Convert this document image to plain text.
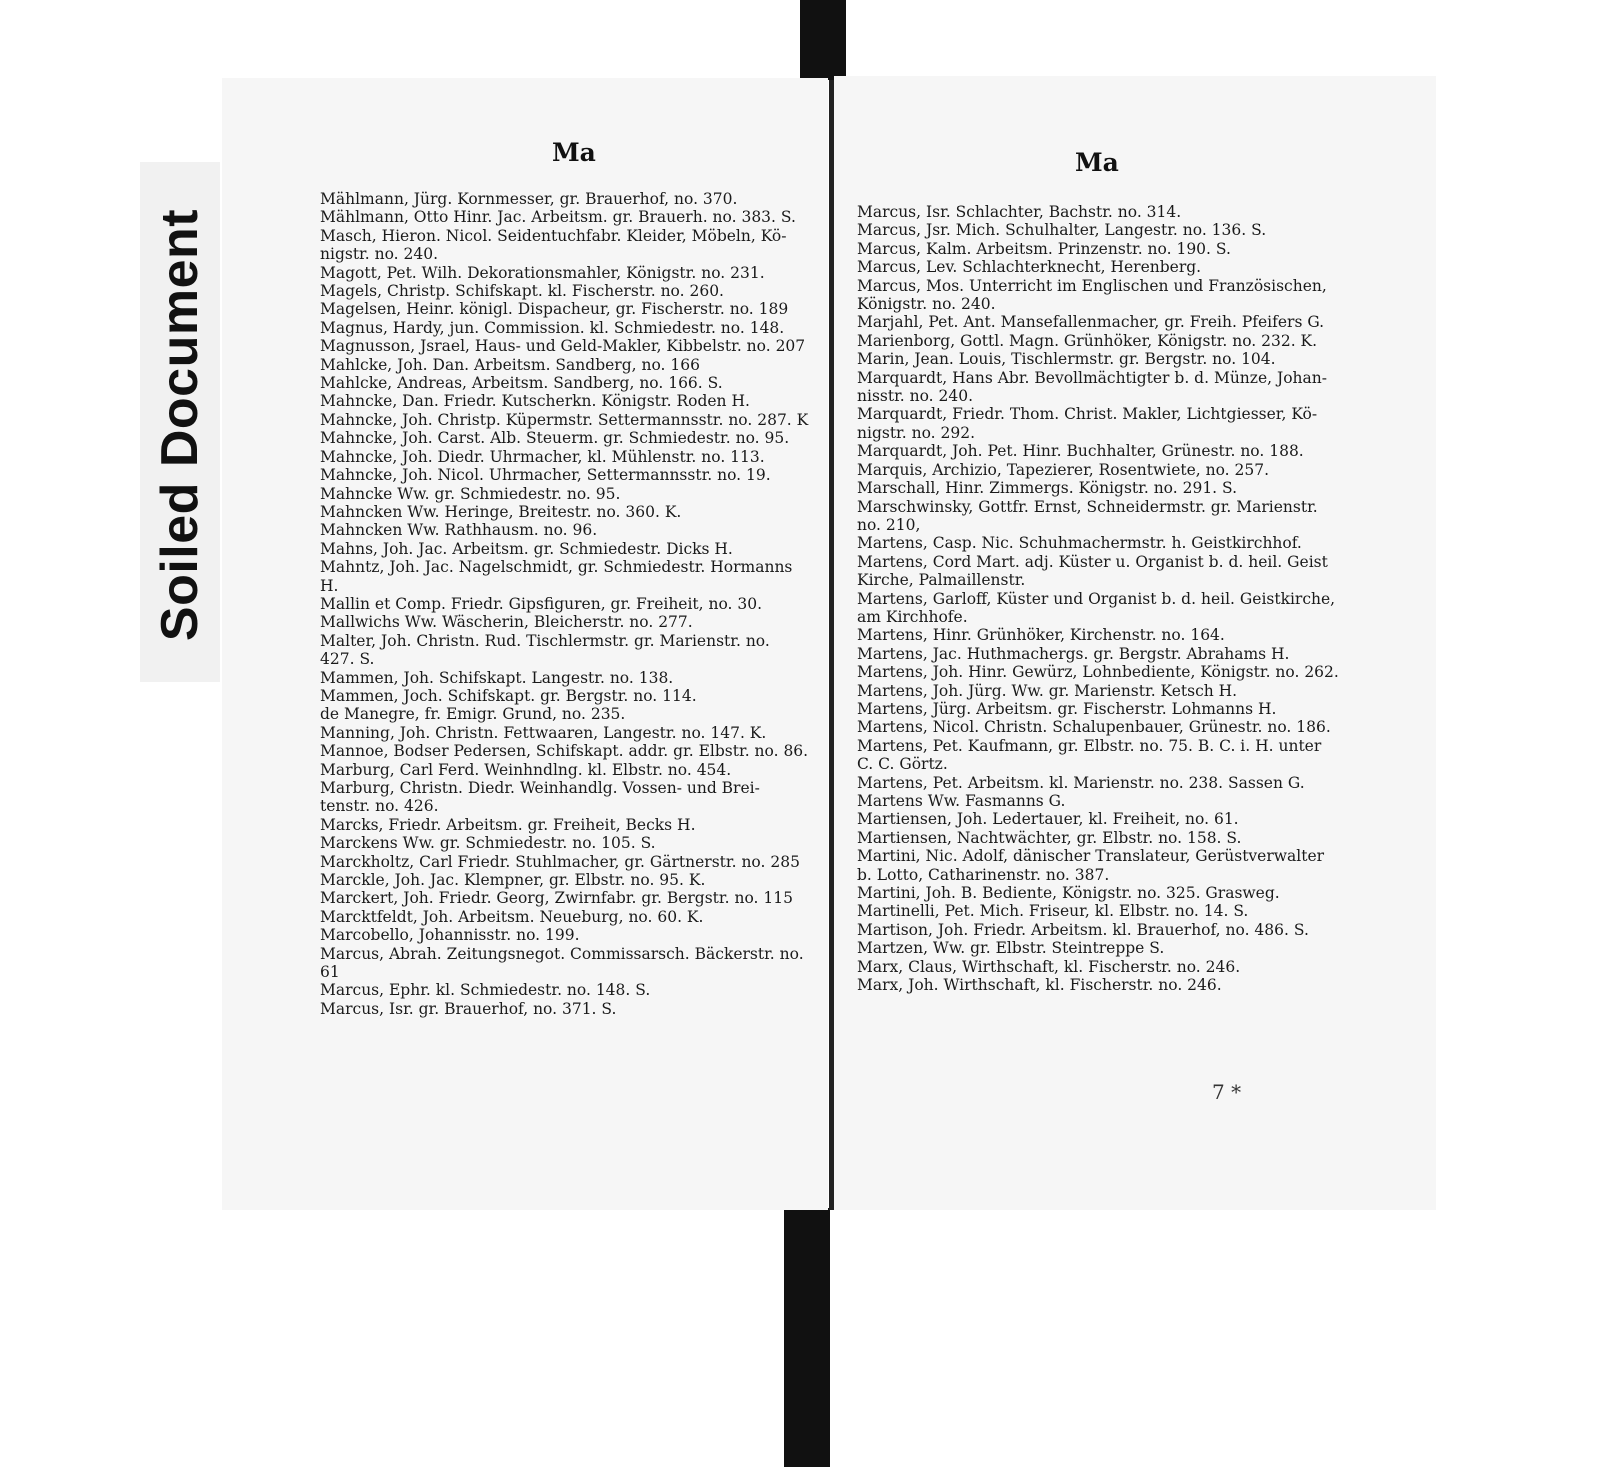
Soiled Document
Ma	Ma
Mählmann, Jürg. Kornmesser, gr. Brauerhof, no. 370.
Mählmann, Otto Hinr. Jac. Arbeitsm. gr. Brauerh. no. 383. S.
Masch, Hieron. Nicol. Seidentuchfabr. Kleider, Möbeln, Kö-
nigstr. no. 240.
Magott, Pet. Wilh. Dekorationsmahler, Königstr. no. 231.
Magels, Christp. Schifskapt. kl. Fischerstr. no. 260.
Magelsen, Heinr. königl. Dispacheur, gr. Fischerstr. no. 189
Magnus, Hardy, jun. Commission. kl. Schmiedestr. no. 148.
Magnusson, Jsrael, Haus- und Geld-Makler, Kibbelstr. no. 207
Mahlcke, Joh. Dan. Arbeitsm. Sandberg, no. 166
Mahlcke, Andreas, Arbeitsm. Sandberg, no. 166. S.
Mahncke, Dan. Friedr. Kutscherkn. Königstr. Roden H.
Mahncke, Joh. Christp. Küpermstr. Settermannsstr. no. 287. K
Mahncke, Joh. Carst. Alb. Steuerm. gr. Schmiedestr. no. 95.
Mahncke, Joh. Diedr. Uhrmacher, kl. Mühlenstr. no. 113.
Mahncke, Joh. Nicol. Uhrmacher, Settermannsstr. no. 19.
Mahncke Ww. gr. Schmiedestr. no. 95.
Mahncken Ww. Heringe, Breitestr. no. 360. K.
Mahncken Ww. Rathhausm. no. 96.
Mahns, Joh. Jac. Arbeitsm. gr. Schmiedestr. Dicks H.
Mahntz, Joh. Jac. Nagelschmidt, gr. Schmiedestr. Hormanns H.
Mallin et Comp. Friedr. Gipsfiguren, gr. Freiheit, no. 30.
Mallwichs Ww. Wäscherin, Bleicherstr. no. 277.
Malter, Joh. Christn. Rud. Tischlermstr. gr. Marienstr. no.
427. S.
Mammen, Joh. Schifskapt. Langestr. no. 138.
Mammen, Joch. Schifskapt. gr. Bergstr. no. 114.
de Manegre, fr. Emigr. Grund, no. 235.
Manning, Joh. Christn. Fettwaaren, Langestr. no. 147. K.
Mannoe, Bodser Pedersen, Schifskapt. addr. gr. Elbstr. no. 86.
Marburg, Carl Ferd. Weinhndlng. kl. Elbstr. no. 454.
Marburg, Christn. Diedr. Weinhandlg. Vossen- und Brei-
tenstr. no. 426.
Marcks, Friedr. Arbeitsm. gr. Freiheit, Becks H.
Marckens Ww. gr. Schmiedestr. no. 105. S.
Marckholtz, Carl Friedr. Stuhlmacher, gr. Gärtnerstr. no. 285
Marckle, Joh. Jac. Klempner, gr. Elbstr. no. 95. K.
Marckert, Joh. Friedr. Georg, Zwirnfabr. gr. Bergstr. no. 115
Marcktfeldt, Joh. Arbeitsm. Neueburg, no. 60. K.
Marcobello, Johannisstr. no. 199.
Marcus, Abrah. Zeitungsnegot. Commissarsch. Bäckerstr. no. 61
Marcus, Ephr. kl. Schmiedestr. no. 148. S.
Marcus, Isr. gr. Brauerhof, no. 371. S.
Marcus, Isr. Schlachter, Bachstr. no. 314.
Marcus, Jsr. Mich. Schulhalter, Langestr. no. 136. S.
Marcus, Kalm. Arbeitsm. Prinzenstr. no. 190. S.
Marcus, Lev. Schlachterknecht, Herenberg.
Marcus, Mos. Unterricht im Englischen und Französischen,
Königstr. no. 240.
Marjahl, Pet. Ant. Mansefallenmacher, gr. Freih. Pfeifers G.
Marienborg, Gottl. Magn. Grünhöker, Königstr. no. 232. K.
Marin, Jean. Louis, Tischlermstr. gr. Bergstr. no. 104.
Marquardt, Hans Abr. Bevollmächtigter b. d. Münze, Johan-
nisstr. no. 240.
Marquardt, Friedr. Thom. Christ. Makler, Lichtgiesser, Kö-
nigstr. no. 292.
Marquardt, Joh. Pet. Hinr. Buchhalter, Grünestr. no. 188.
Marquis, Archizio, Tapezierer, Rosentwiete, no. 257.
Marschall, Hinr. Zimmergs. Königstr. no. 291. S.
Marschwinsky, Gottfr. Ernst, Schneidermstr. gr. Marienstr.
no. 210,
Martens, Casp. Nic. Schuhmachermstr. h. Geistkirchhof.
Martens, Cord Mart. adj. Küster u. Organist b. d. heil. Geist
Kirche, Palmaillenstr.
Martens, Garloff, Küster und Organist b. d. heil. Geistkirche,
am Kirchhofe.
Martens, Hinr. Grünhöker, Kirchenstr. no. 164.
Martens, Jac. Huthmachergs. gr. Bergstr. Abrahams H.
Martens, Joh. Hinr. Gewürz, Lohnbediente, Königstr. no. 262.
Martens, Joh. Jürg. Ww. gr. Marienstr. Ketsch H.
Martens, Jürg. Arbeitsm. gr. Fischerstr. Lohmanns H.
Martens, Nicol. Christn. Schalupenbauer, Grünestr. no. 186.
Martens, Pet. Kaufmann, gr. Elbstr. no. 75. B. C. i. H. unter
C. C. Görtz.
Martens, Pet. Arbeitsm. kl. Marienstr. no. 238. Sassen G.
Martens Ww. Fasmanns G.
Martiensen, Joh. Ledertauer, kl. Freiheit, no. 61.
Martiensen, Nachtwächter, gr. Elbstr. no. 158. S.
Martini, Nic. Adolf, dänischer Translateur, Gerüstverwalter
b. Lotto, Catharinenstr. no. 387.
Martini, Joh. B. Bediente, Königstr. no. 325. Grasweg.
Martinelli, Pet. Mich. Friseur, kl. Elbstr. no. 14. S.
Martison, Joh. Friedr. Arbeitsm. kl. Brauerhof, no. 486. S.
Martzen, Ww. gr. Elbstr. Steintreppe S.
Marx, Claus, Wirthschaft, kl. Fischerstr. no. 246.
Marx, Joh. Wirthschaft, kl. Fischerstr. no. 246.
7 *
